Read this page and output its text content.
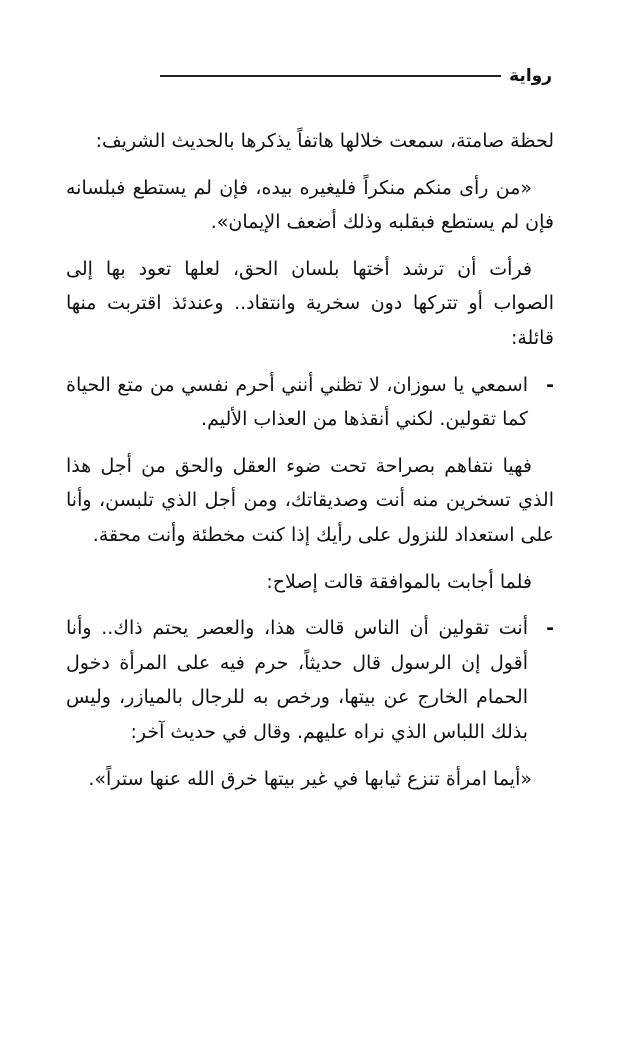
رواية

لحظة صامتة، سمعت خلالها هاتفاً يذكرها بالحديث الشريف:

«من رأى منكم منكراً فليغيره بيده، فإن لم يستطع فبلسانه فإن لم يستطع فبقلبه وذلك أضعف الإيمان».

فرأت أن ترشد أختها بلسان الحق، لعلها تعود بها إلى الصواب أو تتركها دون سخرية وانتقاد.. وعندئذ اقتربت منها قائلة:

-
اسمعي يا سوزان، لا تظني أنني أحرم نفسي من متع الحياة كما تقولين. لكني أنقذها من العذاب الأليم.

فهيا نتفاهم بصراحة تحت ضوء العقل والحق من أجل هذا الذي تسخرين منه أنت وصديقاتك، ومن أجل الذي تلبسن، وأنا على استعداد للنزول على رأيك إذا كنت مخطئة وأنت محقة.

فلما أجابت بالموافقة قالت إصلاح:

-
أنت تقولين أن الناس قالت هذا، والعصر يحتم ذاك.. وأنا أقول إن الرسول قال حديثاً، حرم فيه على المرأة دخول الحمام الخارج عن بيتها، ورخص به للرجال بالميازر، وليس بذلك اللباس الذي نراه عليهم. وقال في حديث آخر:

«أيما امرأة تنزع ثيابها في غير بيتها خرق الله عنها ستراً».
